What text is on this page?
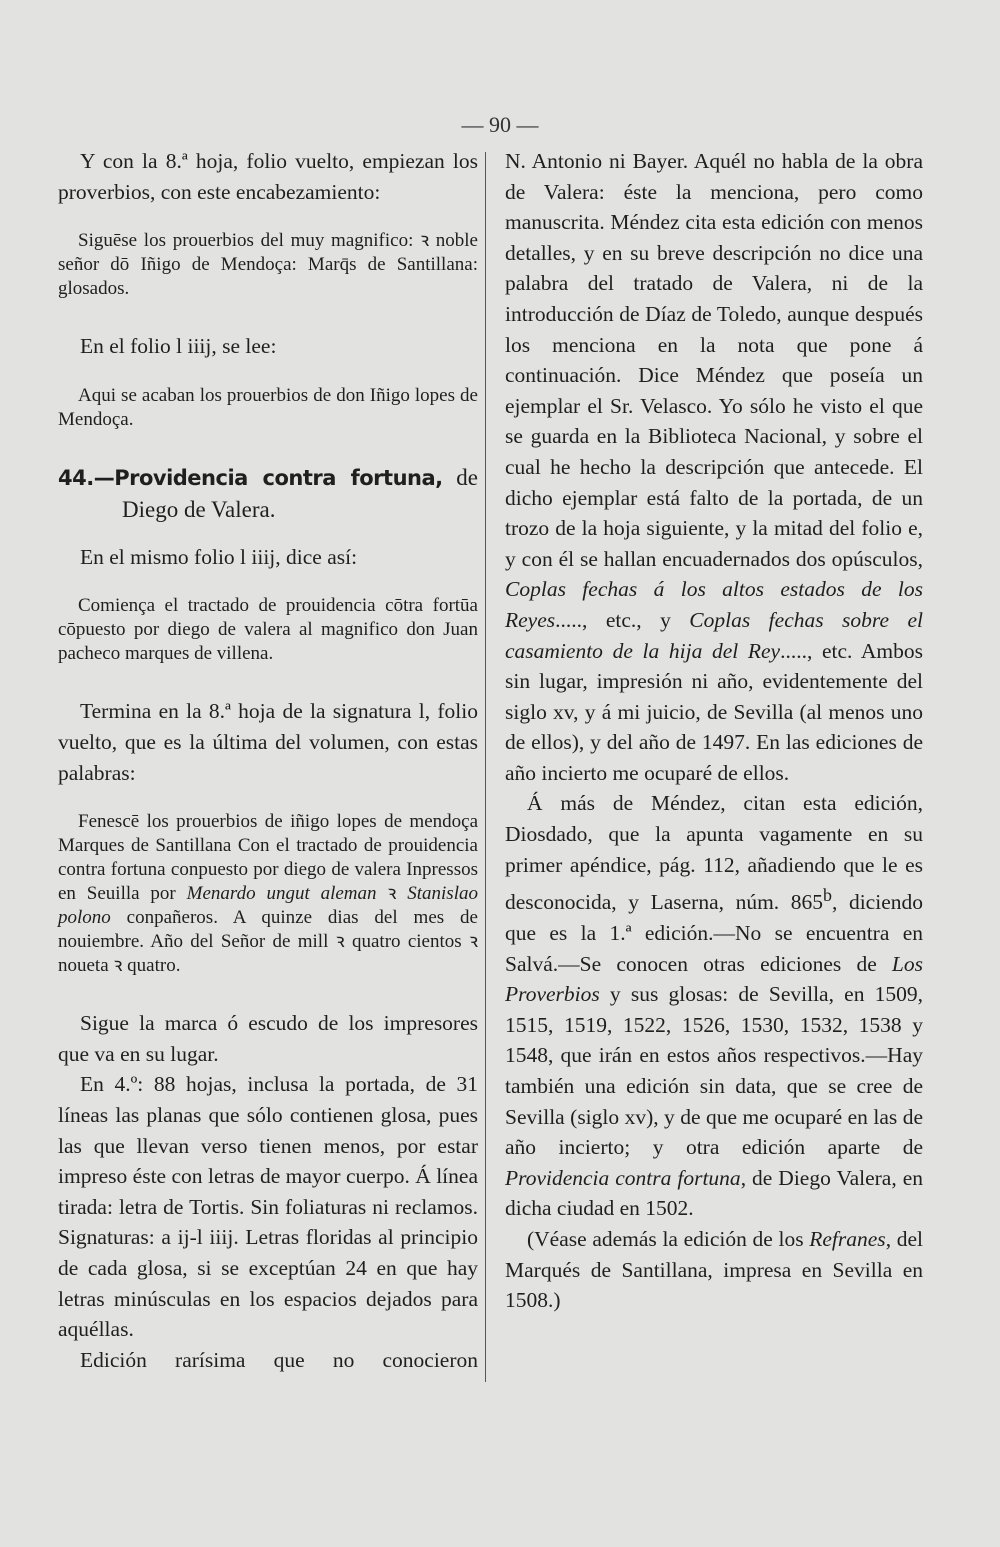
— 90 —

Y con la 8.ª hoja, folio vuelto, empiezan los proverbios, con este encabezamiento:

Siguēse los prouerbios del muy magnifico: ꝛ noble señor dō Iñigo de Mendoça: Marq̄s de Santillana: glosados.

En el folio l iiij, se lee:

Aqui se acaban los prouerbios de don Iñigo lopes de Mendoça.

44.—Providencia contra fortuna, de Diego de Valera.

En el mismo folio l iiij, dice así:

Comiença el tractado de prouidencia cōtra fortūa cōpuesto por diego de valera al magnifico don Juan pacheco marques de villena.

Termina en la 8.ª hoja de la signatura l, folio vuelto, que es la última del volumen, con estas palabras:

Fenescē los prouerbios de iñigo lopes de mendoça Marques de Santillana Con el tractado de prouidencia contra fortuna conpuesto por diego de valera Inpressos en Seuilla por Menardo ungut aleman ꝛ Stanislao polono conpañeros. A quinze dias del mes de nouiembre. Año del Señor de mill ꝛ quatro cientos ꝛ noueta ꝛ quatro.

Sigue la marca ó escudo de los impresores que va en su lugar.

En 4.º: 88 hojas, inclusa la portada, de 31 líneas las planas que sólo contienen glosa, pues las que llevan verso tienen menos, por estar impreso éste con letras de mayor cuerpo. Á línea tirada: letra de Tortis. Sin foliaturas ni reclamos. Signaturas: a ij-l iiij. Letras floridas al principio de cada glosa, si se exceptúan 24 en que hay letras minúsculas en los espacios dejados para aquéllas.

Edición rarísima que no conocieron

N. Antonio ni Bayer. Aquél no habla de la obra de Valera: éste la menciona, pero como manuscrita. Méndez cita esta edición con menos detalles, y en su breve descripción no dice una palabra del tratado de Valera, ni de la introducción de Díaz de Toledo, aunque después los menciona en la nota que pone á continuación. Dice Méndez que poseía un ejemplar el Sr. Velasco. Yo sólo he visto el que se guarda en la Biblioteca Nacional, y sobre el cual he hecho la descripción que antecede. El dicho ejemplar está falto de la portada, de un trozo de la hoja siguiente, y la mitad del folio e, y con él se hallan encuadernados dos opúsculos, Coplas fechas á los altos estados de los Reyes....., etc., y Coplas fechas sobre el casamiento de la hija del Rey....., etc. Ambos sin lugar, impresión ni año, evidentemente del siglo xv, y á mi juicio, de Sevilla (al menos uno de ellos), y del año de 1497. En las ediciones de año incierto me ocuparé de ellos.

Á más de Méndez, citan esta edición, Diosdado, que la apunta vagamente en su primer apéndice, pág. 112, añadiendo que le es desconocida, y Laserna, núm. 865$^b$, diciendo que es la 1.ª edición.—No se encuentra en Salvá.—Se conocen otras ediciones de Los Proverbios y sus glosas: de Sevilla, en 1509, 1515, 1519, 1522, 1526, 1530, 1532, 1538 y 1548, que irán en estos años respectivos.—Hay también una edición sin data, que se cree de Sevilla (siglo xv), y de que me ocuparé en las de año incierto; y otra edición aparte de Providencia contra fortuna, de Diego Valera, en dicha ciudad en 1502.

(Véase además la edición de los Refranes, del Marqués de Santillana, impresa en Sevilla en 1508.)
